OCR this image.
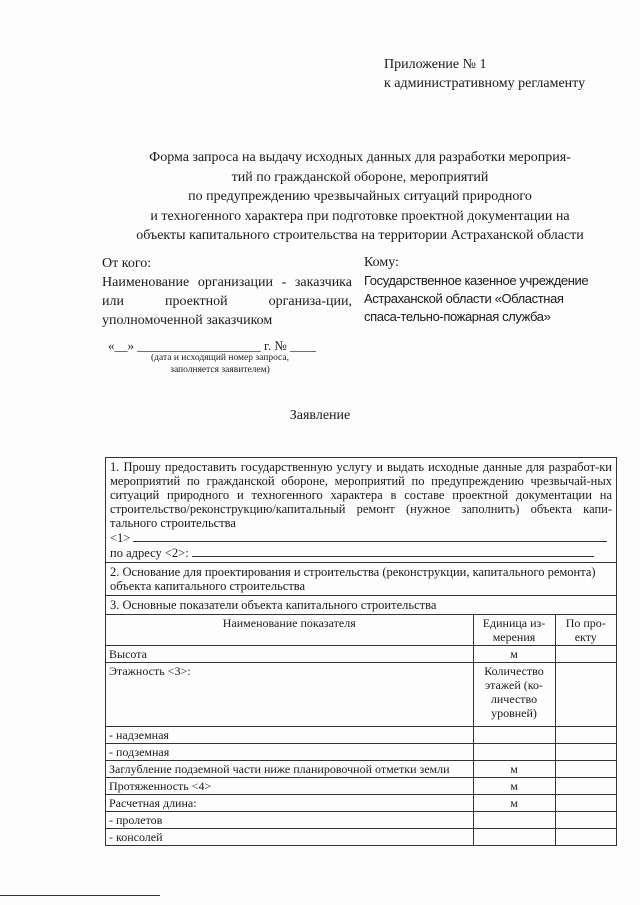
Приложение № 1
к административному регламенту
Форма запроса на выдачу исходных данных для разработки мероприя-
тий по гражданской обороне, мероприятий
по предупреждению чрезвычайных ситуаций природного
и техногенного характера при подготовке проектной документации на
объекты капитального строительства на территории Астраханской области
От кого:
Наименование организации - заказчика или проектной организа-ции, уполномоченной заказчиком
Кому:
Государственное казенное учреждение Астраханской области «Областная спаса-тельно-пожарная служба»
«__» ___________________ г. № ____
(дата и исходящий номер запроса, заполняется заявителем)
Заявление
1. Прошу предоставить государственную услугу и выдать исходные данные для разработ-ки мероприятий по гражданской обороне, мероприятий по предупреждению чрезвычай-ных ситуаций природного и техногенного характера в составе проектной документации на строительство/реконструкцию/капитальный ремонт (нужное заполнить) объекта капи-тального строительства
<1>
по адресу <2>:
2. Основание для проектирования и строительства (реконструкции, капитального ремонта) объекта капитального строительства
3. Основные показатели объекта капитального строительства
Наименование показателя	Единица из-мерения	По про-екту
Высота	м	
Этажность <3>:	Количество этажей (ко-личество уровней)	
- надземная		
- подземная		
Заглубление подземной части ниже планировочной отметки земли	м	
Протяженность <4>	м	
Расчетная длина:	м	
- пролетов		
- консолей		
